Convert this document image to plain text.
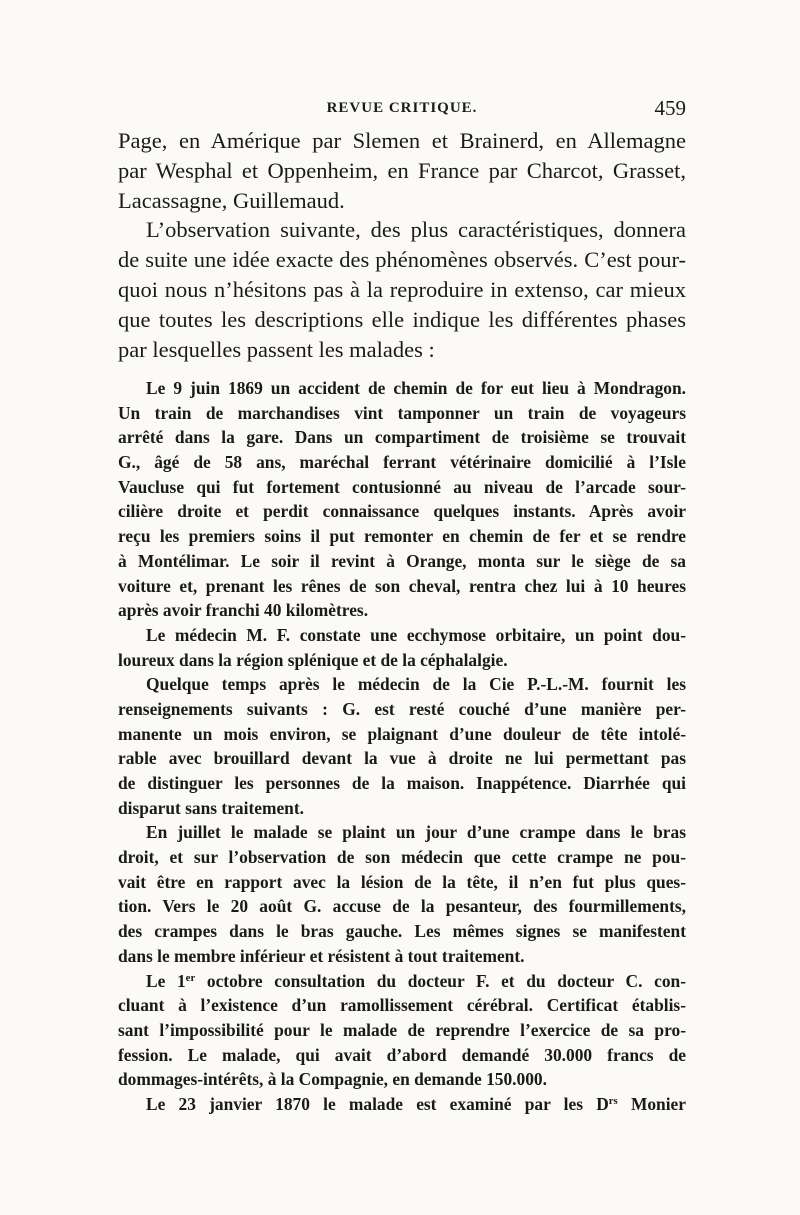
REVUE CRITIQUE.	459
Page, en Amérique par Slemen et Brainerd, en Allemagne
par Wesphal et Oppenheim, en France par Charcot, Grasset,
Lacassagne, Guillemaud.
L’observation suivante, des plus caractéristiques, donnera
de suite une idée exacte des phénomènes observés. C’est pour-
quoi nous n’hésitons pas à la reproduire in extenso, car mieux
que toutes les descriptions elle indique les différentes phases
par lesquelles passent les malades :
Le 9 juin 1869 un accident de chemin de for eut lieu à Mondragon.
Un train de marchandises vint tamponner un train de voyageurs
arrêté dans la gare. Dans un compartiment de troisième se trouvait
G., âgé de 58 ans, maréchal ferrant vétérinaire domicilié à l’Isle
Vaucluse qui fut fortement contusionné au niveau de l’arcade sour-
cilière droite et perdit connaissance quelques instants. Après avoir
reçu les premiers soins il put remonter en chemin de fer et se rendre
à Montélimar. Le soir il revint à Orange, monta sur le siège de sa
voiture et, prenant les rênes de son cheval, rentra chez lui à 10 heures
après avoir franchi 40 kilomètres.
Le médecin M. F. constate une ecchymose orbitaire, un point dou-
loureux dans la région splénique et de la céphalalgie.
Quelque temps après le médecin de la Cie P.-L.-M. fournit les
renseignements suivants : G. est resté couché d’une manière per-
manente un mois environ, se plaignant d’une douleur de tête intolé-
rable avec brouillard devant la vue à droite ne lui permettant pas
de distinguer les personnes de la maison. Inappétence. Diarrhée qui
disparut sans traitement.
En juillet le malade se plaint un jour d’une crampe dans le bras
droit, et sur l’observation de son médecin que cette crampe ne pou-
vait être en rapport avec la lésion de la tête, il n’en fut plus ques-
tion. Vers le 20 août G. accuse de la pesanteur, des fourmillements,
des crampes dans le bras gauche. Les mêmes signes se manifestent
dans le membre inférieur et résistent à tout traitement.
Le 1er octobre consultation du docteur F. et du docteur C. con-
cluant à l’existence d’un ramollissement cérébral. Certificat établis-
sant l’impossibilité pour le malade de reprendre l’exercice de sa pro-
fession. Le malade, qui avait d’abord demandé 30.000 francs de
dommages-intérêts, à la Compagnie, en demande 150.000.
Le 23 janvier 1870 le malade est examiné par les $D^{rs}$ Monier
